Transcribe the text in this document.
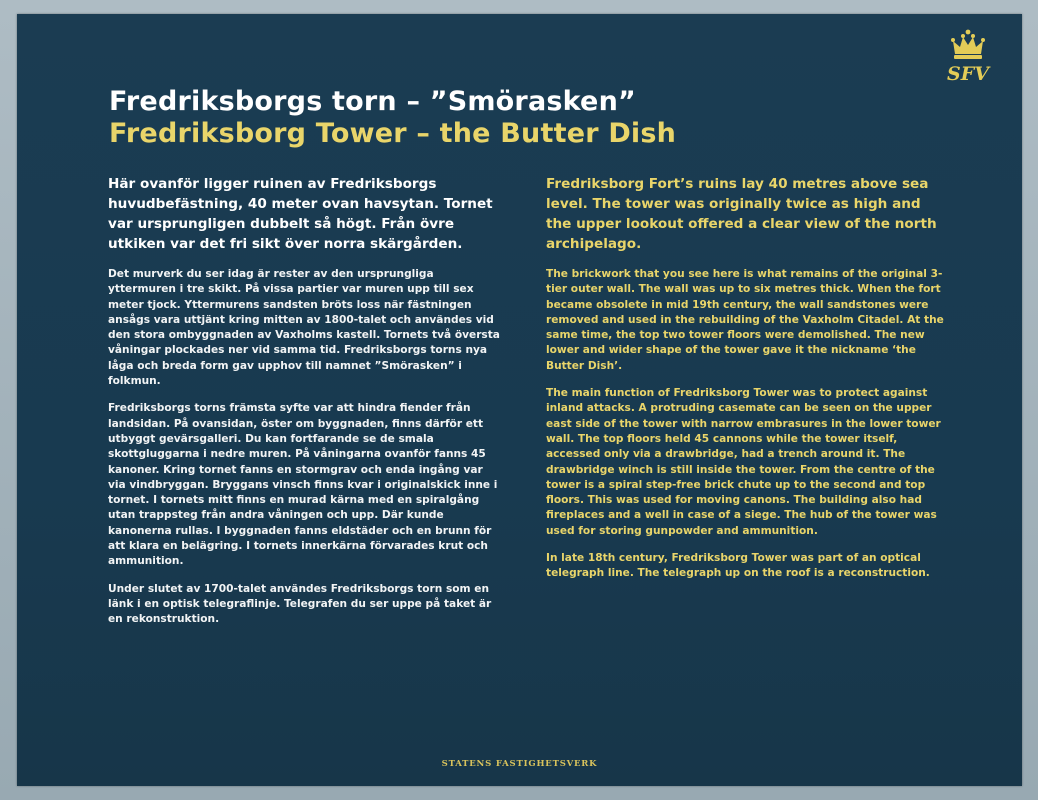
SFV
Fredriksborgs torn – ”Smörasken”
Fredriksborg Tower – the Butter Dish

Här ovanför ligger ruinen av Fredriksborgs huvudbefästning, 40 meter ovan havsytan. Tornet var ursprungligen dubbelt så högt. Från övre utkiken var det fri sikt över norra skärgården.

Det murverk du ser idag är rester av den ursprungliga yttermuren i tre skikt. På vissa partier var muren upp till sex meter tjock. Yttermurens sandsten bröts loss när fästningen ansågs vara uttjänt kring mitten av 1800-talet och användes vid den stora ombyggnaden av Vaxholms kastell. Tornets två översta våningar plockades ner vid samma tid. Fredriksborgs torns nya låga och breda form gav upphov till namnet ”Smörasken” i folkmun.

Fredriksborgs torns främsta syfte var att hindra fiender från landsidan. På ovansidan, öster om byggnaden, finns därför ett utbyggt gevärsgalleri. Du kan fortfarande se de smala skottgluggarna i nedre muren. På våningarna ovanför fanns 45 kanoner. Kring tornet fanns en stormgrav och enda ingång var via vindbryggan. Bryggans vinsch finns kvar i originalskick inne i tornet. I tornets mitt finns en murad kärna med en spiralgång utan trappsteg från andra våningen och upp. Där kunde kanonerna rullas. I byggnaden fanns eldstäder och en brunn för att klara en belägring. I tornets innerkärna förvarades krut och ammunition.

Under slutet av 1700-talet användes Fredriksborgs torn som en länk i en optisk telegraflinje. Telegrafen du ser uppe på taket är en rekonstruktion.

Fredriksborg Fort’s ruins lay 40 metres above sea level. The tower was originally twice as high and the upper lookout offered a clear view of the north archipelago.

The brickwork that you see here is what remains of the original 3-tier outer wall. The wall was up to six metres thick. When the fort became obsolete in mid 19th century, the wall sandstones were removed and used in the rebuilding of the Vaxholm Citadel. At the same time, the top two tower floors were demolished. The new lower and wider shape of the tower gave it the nickname ‘the Butter Dish’.

The main function of Fredriksborg Tower was to protect against inland attacks. A protruding casemate can be seen on the upper east side of the tower with narrow embrasures in the lower tower wall. The top floors held 45 cannons while the tower itself, accessed only via a drawbridge, had a trench around it. The drawbridge winch is still inside the tower. From the centre of the tower is a spiral step-free brick chute up to the second and top floors. This was used for moving canons. The building also had fireplaces and a well in case of a siege. The hub of the tower was used for storing gunpowder and ammunition.

In late 18th century, Fredriksborg Tower was part of an optical telegraph line. The telegraph up on the roof is a reconstruction.

STATENS FASTIGHETSVERK
